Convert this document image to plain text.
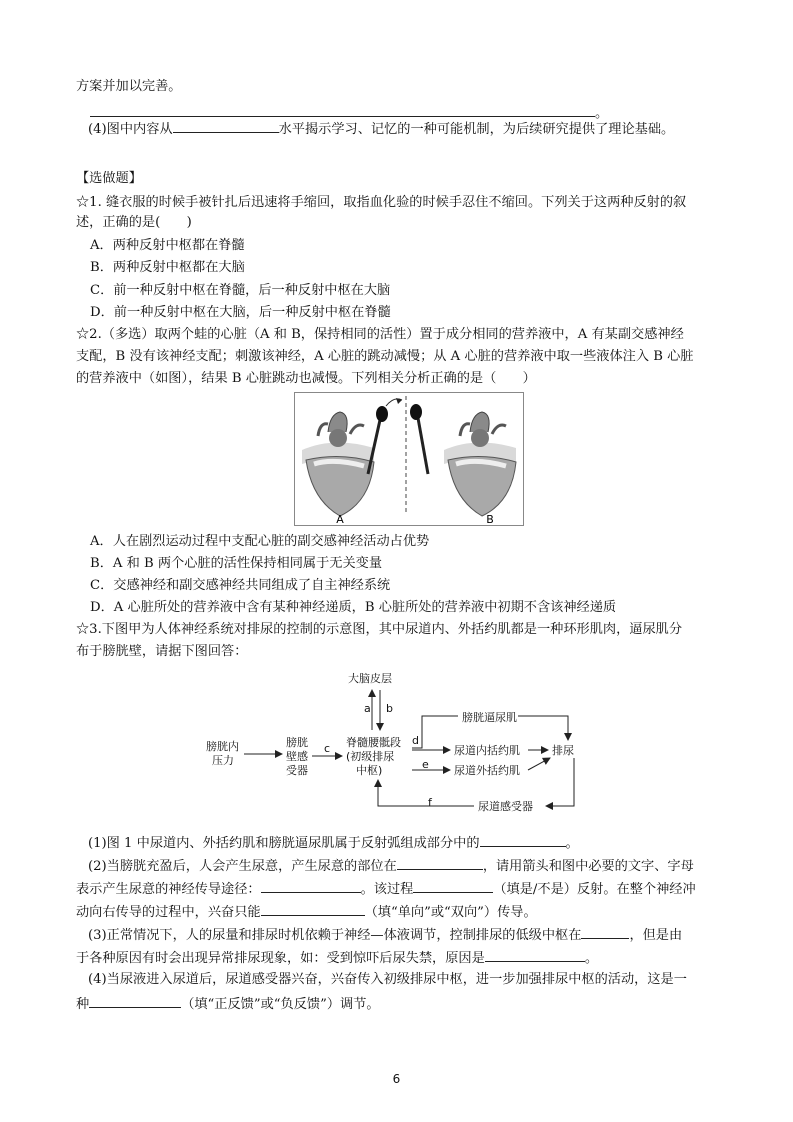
方案并加以完善。
。
(4)图中内容从	水平揭示学习、记忆的一种可能机制，为后续研究提供了理论基础。
【选做题】
☆1. 缝衣服的时候手被针扎后迅速将手缩回，取指血化验的时候手忍住不缩回。下列关于这两种反射的叙
述，正确的是(　　)
A．两种反射中枢都在脊髓
B．两种反射中枢都在大脑
C．前一种反射中枢在脊髓，后一种反射中枢在大脑
D．前一种反射中枢在大脑，后一种反射中枢在脊髓
☆2.（多选）取两个蛙的心脏（A 和 B，保持相同的活性）置于成分相同的营养液中，A 有某副交感神经
支配，B 没有该神经支配；刺激该神经，A 心脏的跳动减慢；从 A 心脏的营养液中取一些液体注入 B 心脏
的营养液中（如图），结果 B 心脏跳动也减慢。下列相关分析正确的是（　　）
A	B
A．人在剧烈运动过程中支配心脏的副交感神经活动占优势
B．A 和 B 两个心脏的活性保持相同属于无关变量
C．交感神经和副交感神经共同组成了自主神经系统
D．A 心脏所处的营养液中含有某种神经递质，B 心脏所处的营养液中初期不含该神经递质
☆3.下图甲为人体神经系统对排尿的控制的示意图，其中尿道内、外括约肌都是一种环形肌肉，逼尿肌分
布于膀胱壁，请据下图回答：
大脑皮层
膀胱内
压力
膀胱
壁感
受器
脊髓腰骶段
(初级排尿
中枢)
膀胱逼尿肌
尿道内括约肌
尿道外括约肌
排尿
尿道感受器
a b
c
d
e
f
(1)图 1 中尿道内、外括约肌和膀胱逼尿肌属于反射弧组成部分中的	。
(2)当膀胱充盈后，人会产生尿意，产生尿意的部位在	，请用箭头和图中必要的文字、字母
表示产生尿意的神经传导途径：	。该过程	（填是/不是）反射。在整个神经冲
动向右传导的过程中，兴奋只能	（填“单向”或“双向”）传导。
(3)正常情况下，人的尿量和排尿时机依赖于神经—体液调节，控制排尿的低级中枢在	，但是由
于各种原因有时会出现异常排尿现象，如：受到惊吓后尿失禁，原因是	。
(4)当尿液进入尿道后，尿道感受器兴奋，兴奋传入初级排尿中枢，进一步加强排尿中枢的活动，这是一
种	（填“正反馈”或“负反馈”）调节。
6
